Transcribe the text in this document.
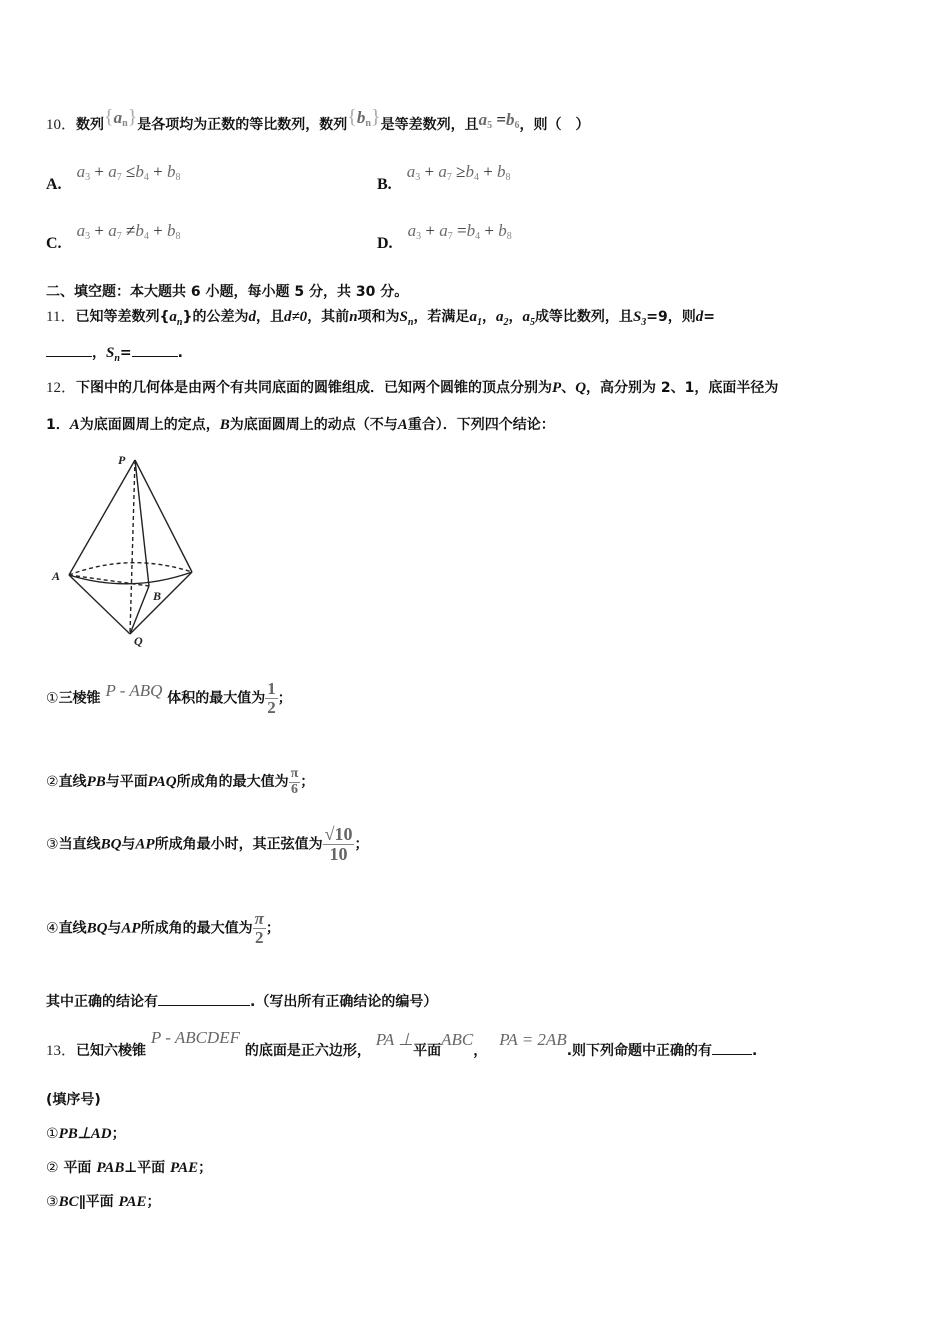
10．数列$\{a_n\}$是各项均为正数的等比数列，数列$\{b_n\}$是等差数列，且$a_5 =b_6$，则（　）
A. $a_3 + a_7 \le b_4 + b_8$	B. $a_3 + a_7 \ge b_4 + b_8$
C. $a_3 + a_7 \ne b_4 + b_8$	D. $a_3 + a_7 =b_4 + b_8$
二、填空题：本大题共 6 小题，每小题 5 分，共 30 分。
11．已知等差数列$\{a_n\}$的公差为d，且d≠0，其前n项和为$S_n$，若满足$a_1$，$a_2$，$a_5$成等比数列，且$S_3=9$，则d=
，$S_n=$	.
12．下图中的几何体是由两个有共同底面的圆锥组成．已知两个圆锥的顶点分别为P、Q，高分别为 2、1，底面半径为
1．A为底面圆周上的定点，B为底面圆周上的动点（不与A重合）．下列四个结论：
P
A
B
Q
①三棱锥 P - ABQ 体积的最大值为 $\frac{1}{2}$ ；
②直线PB与平面PAQ所成角的最大值为 $\frac{\pi}{6}$ ；
③当直线BQ与AP所成角最小时，其正弦值为 $\frac{√10}{10}$ ；
④直线BQ与AP所成角的最大值为 $\frac{\pi}{2}$ ；
其中正确的结论有	.（写出所有正确结论的编号）
13．已知六棱锥 P - ABCDEF 的底面是正六边形， PA ⊥平面ABC，PA = 2AB.则下列命题中正确的有	.
(填序号)
①PB⊥AD；
② 平面 PAB⊥平面 PAE；
③BC∥平面 PAE；
